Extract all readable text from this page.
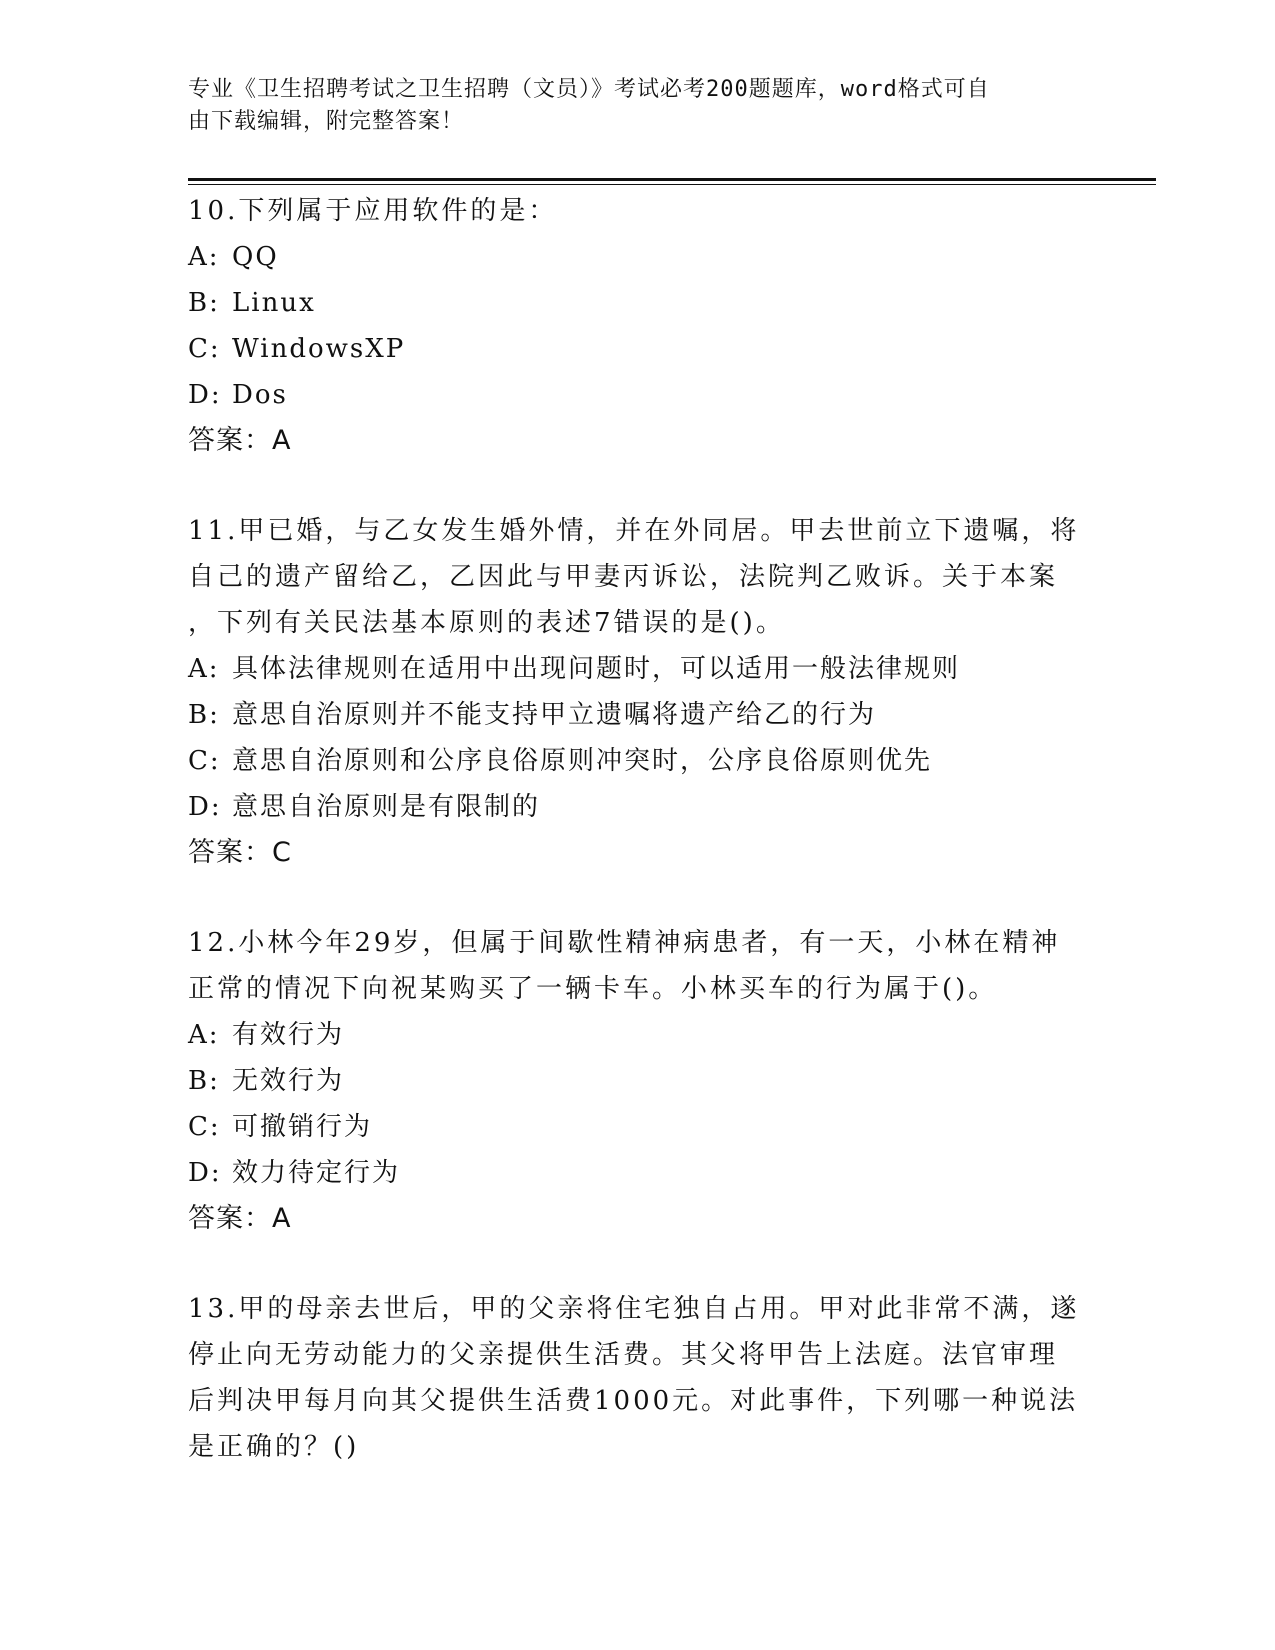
专业《卫生招聘考试之卫生招聘（文员）》考试必考200题题库，word格式可自
由下载编辑，附完整答案！
10.下列属于应用软件的是：
A: QQ
B: Linux
C: WindowsXP
D: Dos
答案：A
11.甲已婚，与乙女发生婚外情，并在外同居。甲去世前立下遗嘱，将
自己的遗产留给乙，乙因此与甲妻丙诉讼，法院判乙败诉。关于本案
，下列有关民法基本原则的表述7错误的是()。
A: 具体法律规则在适用中出现问题时，可以适用一般法律规则
B: 意思自治原则并不能支持甲立遗嘱将遗产给乙的行为
C: 意思自治原则和公序良俗原则冲突时，公序良俗原则优先
D: 意思自治原则是有限制的
答案：C
12.小林今年29岁，但属于间歇性精神病患者，有一天，小林在精神
正常的情况下向祝某购买了一辆卡车。小林买车的行为属于()。
A: 有效行为
B: 无效行为
C: 可撤销行为
D: 效力待定行为
答案：A
13.甲的母亲去世后，甲的父亲将住宅独自占用。甲对此非常不满，遂
停止向无劳动能力的父亲提供生活费。其父将甲告上法庭。法官审理
后判决甲每月向其父提供生活费1000元。对此事件，下列哪一种说法
是正确的？()
